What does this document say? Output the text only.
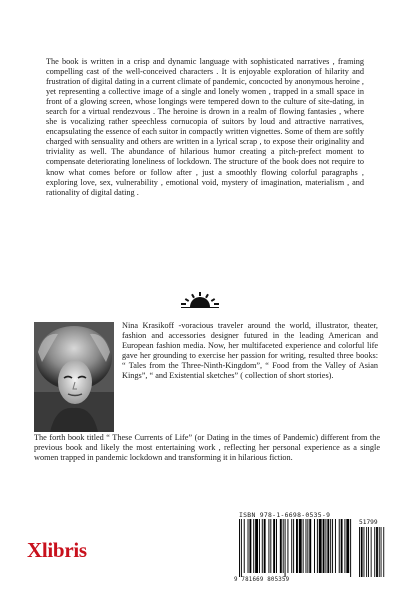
The book is written in a crisp and dynamic language with sophisticated narratives , framing compelling cast of the well-conceived characters . It is enjoyable exploration of hilarity and frustration of digital dating in a current climate of pandemic, concocted by anonymous heroine , yet representing a collective image of a single and lonely women , trapped in a small space in front of a glowing screen, whose longings were tempered down to the culture of site-dating, in search for a virtual rendezvous . The heroine is drown in a realm of flowing fantasies , where she is vocalizing rather speechless cornucopia of suitors by loud and attractive narratives, encapsulating the essence of each suitor in compactly written vignettes. Some of them are softly charged with sensuality and others are written in a lyrical scrap , to expose their originality and triviality as well. The abundance of hilarious humor creating a pitch-prefect moment to compensate deteriorating loneliness of lockdown. The structure of the book does not require to know what comes before or follow after , just a smoothly flowing colorful paragraphs , exploring love, sex, vulnerability , emotional void, mystery of imagination, materialism , and rationality of digital dating .

Nina Krasikoff -voracious traveler around the world, illustrator, theater, fashion and accessories designer futured in the leading American and European fashion media. Now, her multifaceted experience and colorful life gave her grounding to exercise her passion for writing, resulted three books: “ Tales from the Three-Ninth-Kingdom”, “ Food from the Valley of Asian Kings”, “ and Existential sketches” ( collection of short stories).

The forth book titled “ These Currents of Life” (or Dating in the times of Pandemic) different from the previous book and likely the most entertaining work , reflecting her personal experience as a single women trapped in pandemic lockdown and transforming it in hilarious fiction.

Xlibris
ISBN 978-1-6698-0535-9
51799
9 781669 805359
